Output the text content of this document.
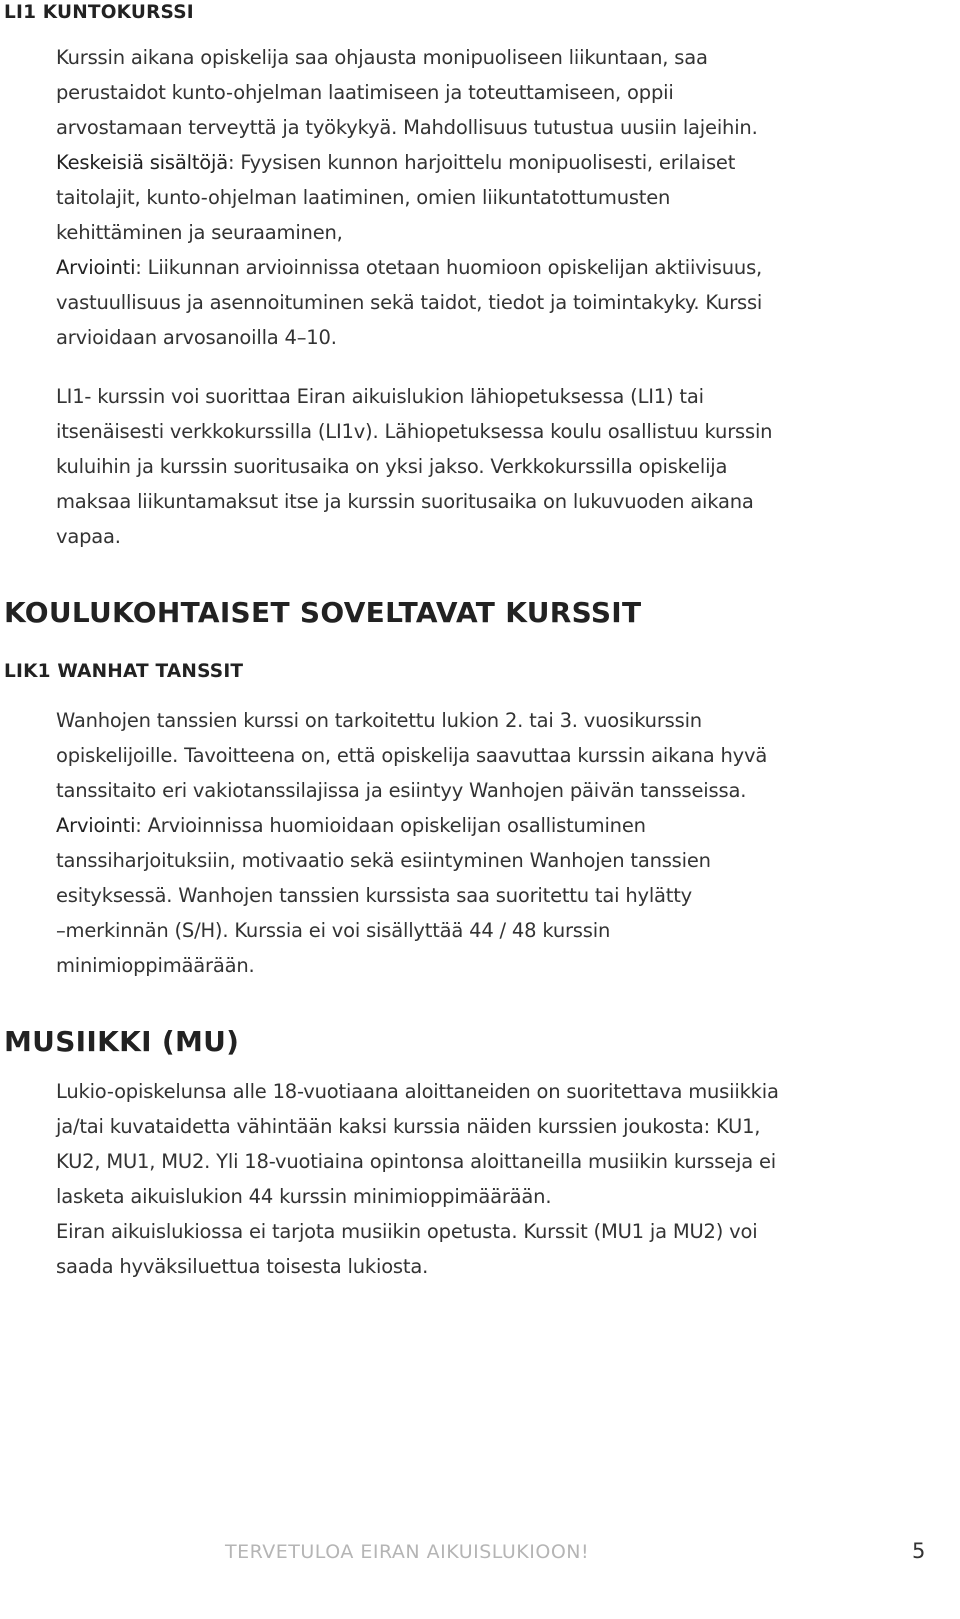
LI1 KUNTOKURSSI
Kurssin aikana opiskelija saa ohjausta monipuoliseen liikuntaan, saa
perustaidot kunto-ohjelman laatimiseen ja toteuttamiseen, oppii
arvostamaan terveyttä ja työkykyä. Mahdollisuus tutustua uusiin lajeihin.
Keskeisiä sisältöjä: Fyysisen kunnon harjoittelu monipuolisesti, erilaiset
taitolajit, kunto-ohjelman laatiminen, omien liikuntatottumusten
kehittäminen ja seuraaminen,
Arviointi: Liikunnan arvioinnissa otetaan huomioon opiskelijan aktiivisuus,
vastuullisuus ja asennoituminen sekä taidot, tiedot ja toimintakyky. Kurssi
arvioidaan arvosanoilla 4–10.
LI1- kurssin voi suorittaa Eiran aikuislukion lähiopetuksessa (LI1) tai
itsenäisesti verkkokurssilla (LI1v). Lähiopetuksessa koulu osallistuu kurssin
kuluihin ja kurssin suoritusaika on yksi jakso. Verkkokurssilla opiskelija
maksaa liikuntamaksut itse ja kurssin suoritusaika on lukuvuoden aikana
vapaa.
KOULUKOHTAISET SOVELTAVAT KURSSIT
LIK1 WANHAT TANSSIT
Wanhojen tanssien kurssi on tarkoitettu lukion 2. tai 3. vuosikurssin
opiskelijoille. Tavoitteena on, että opiskelija saavuttaa kurssin aikana hyvä
tanssitaito eri vakiotanssilajissa ja esiintyy Wanhojen päivän tansseissa.
Arviointi: Arvioinnissa huomioidaan opiskelijan osallistuminen
tanssiharjoituksiin, motivaatio sekä esiintyminen Wanhojen tanssien
esityksessä. Wanhojen tanssien kurssista saa suoritettu tai hylätty
–merkinnän (S/H). Kurssia ei voi sisällyttää 44 / 48 kurssin
minimioppimäärään.
MUSIIKKI (MU)
Lukio-opiskelunsa alle 18-vuotiaana aloittaneiden on suoritettava musiikkia
ja/tai kuvataidetta vähintään kaksi kurssia näiden kurssien joukosta: KU1,
KU2, MU1, MU2. Yli 18-vuotiaina opintonsa aloittaneilla musiikin kursseja ei
lasketa aikuislukion 44 kurssin minimioppimäärään.
Eiran aikuislukiossa ei tarjota musiikin opetusta. Kurssit (MU1 ja MU2) voi
saada hyväksiluettua toisesta lukiosta.
TERVETULOA EIRAN AIKUISLUKIOON!	5
